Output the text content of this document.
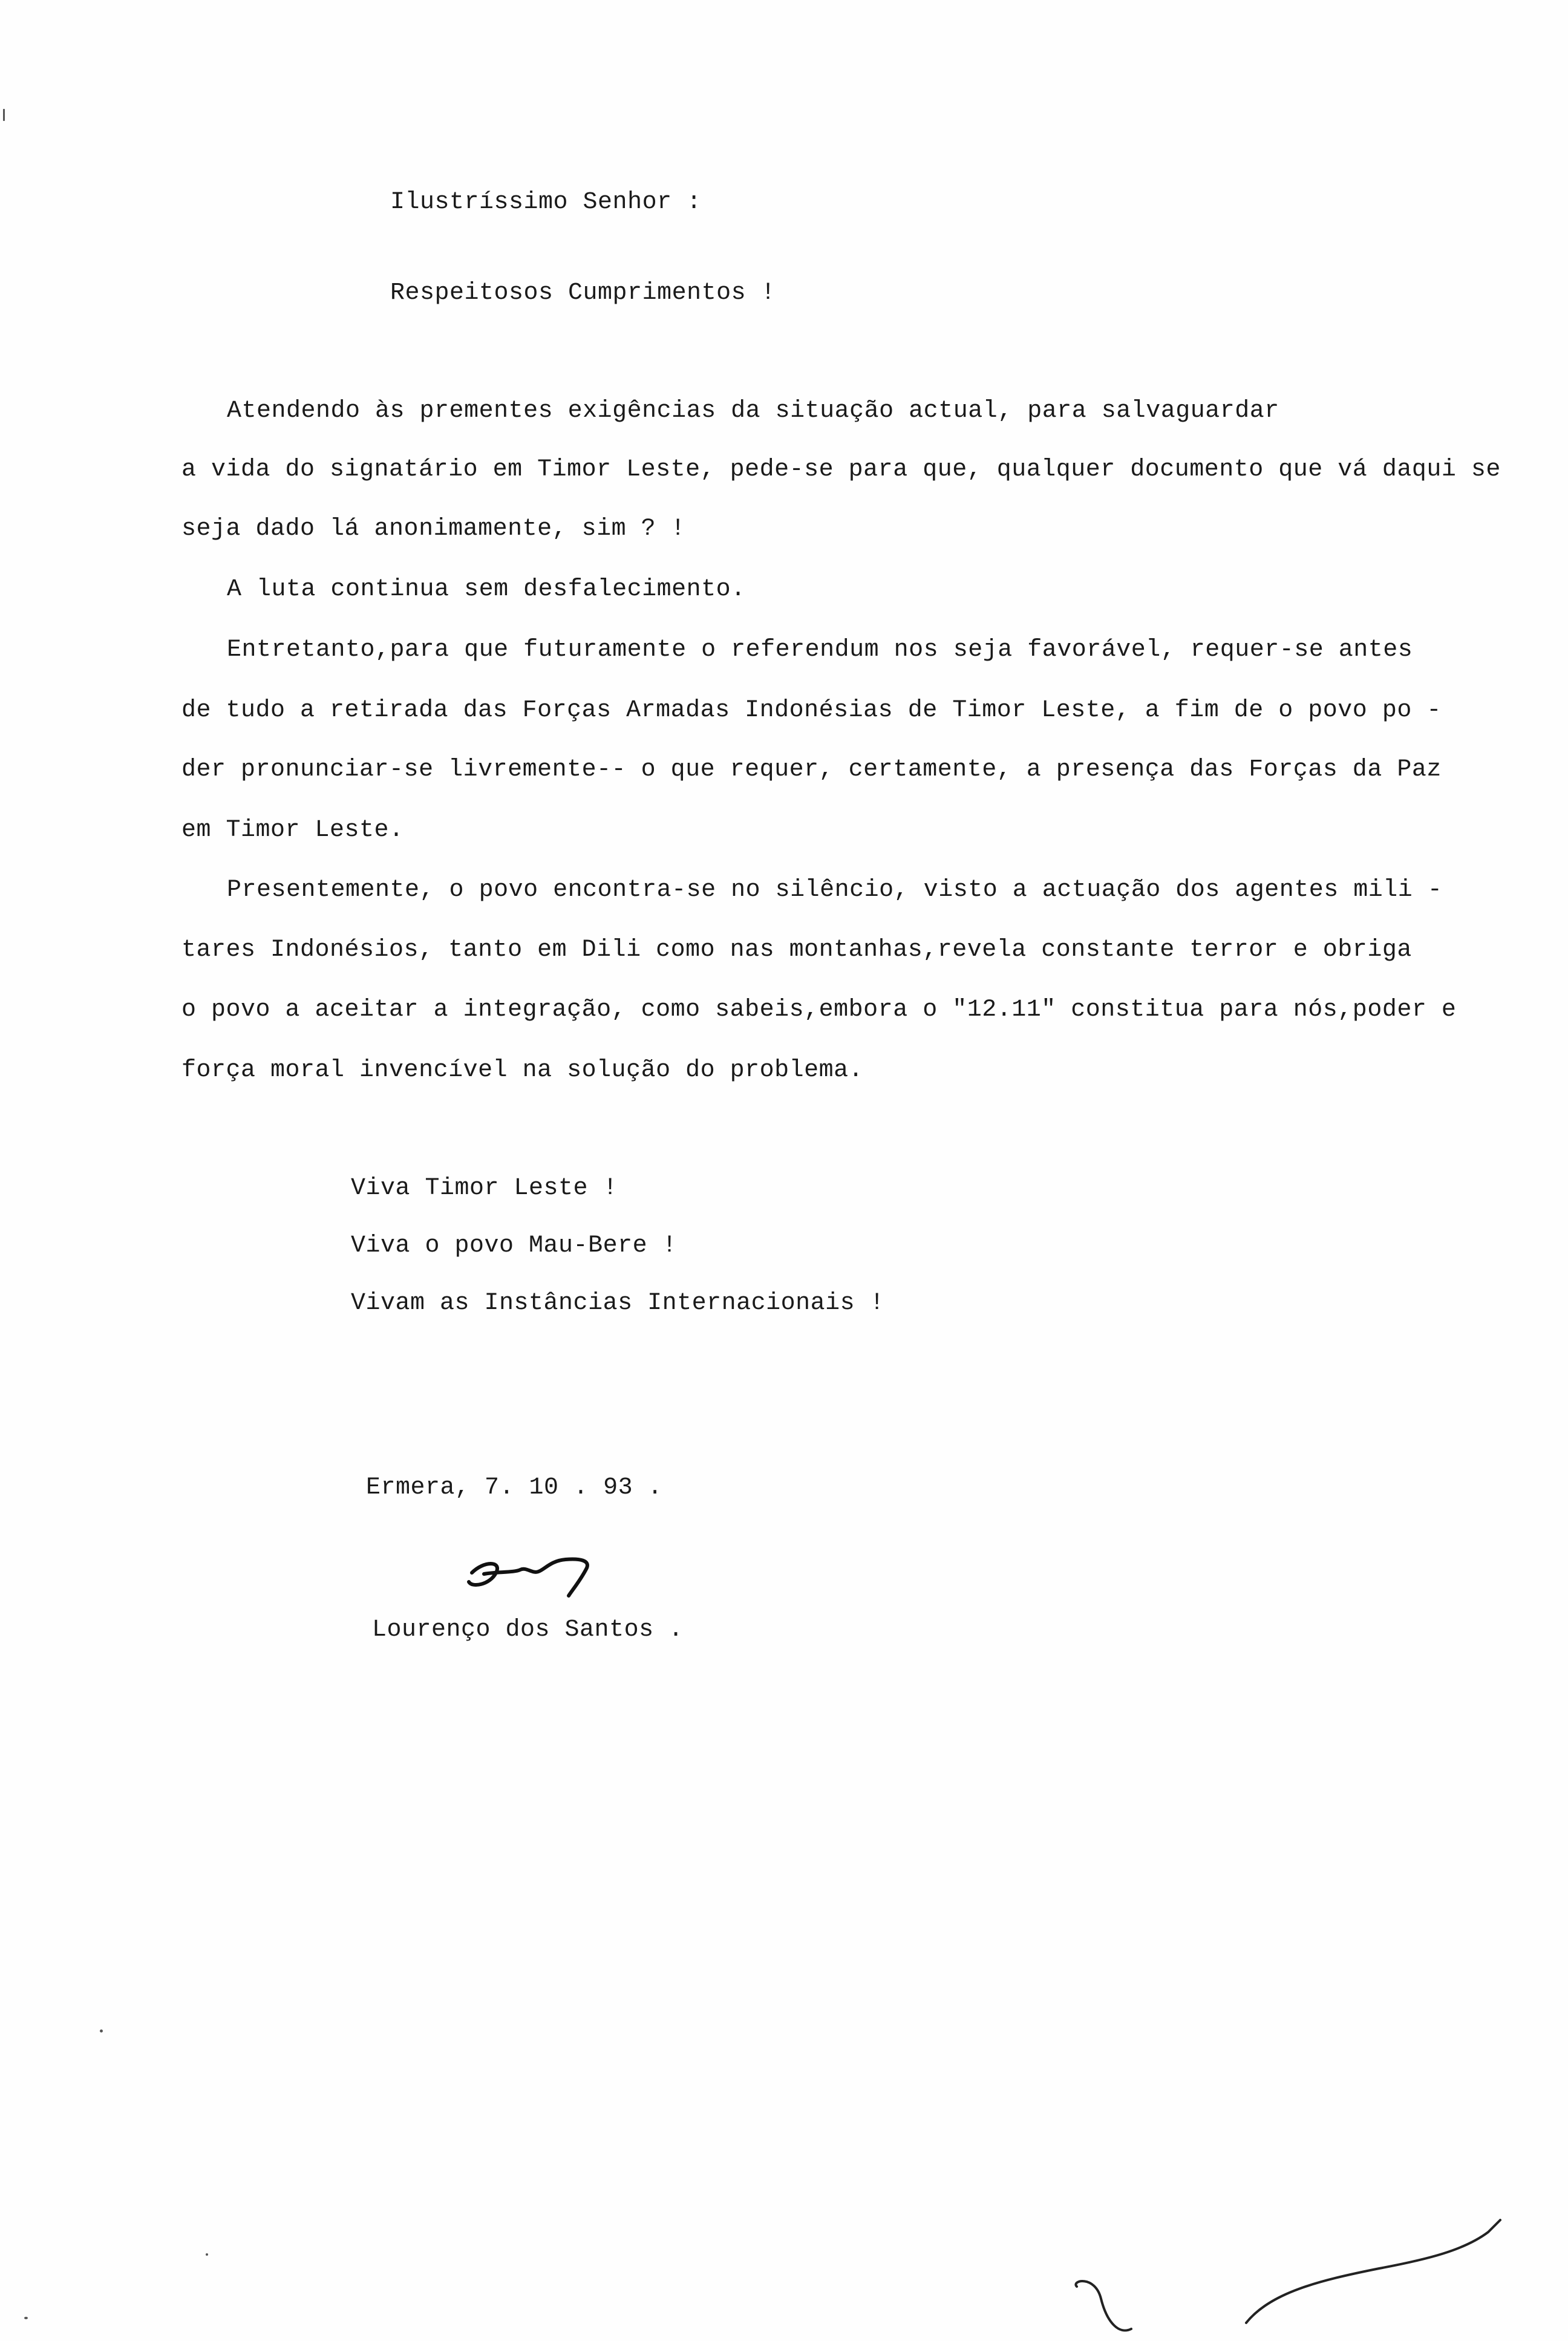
Ilustríssimo Senhor :
Respeitosos Cumprimentos !
Atendendo às prementes exigências da situação actual, para salvaguardar
a vida do signatário em Timor Leste, pede-se para que, qualquer documento que vá daqui se
seja dado lá anonimamente, sim ? !
A luta continua sem desfalecimento.
Entretanto,para que futuramente o referendum nos seja favorável, requer-se antes
de tudo a retirada das Forças Armadas Indonésias de Timor Leste, a fim de o povo po -
der pronunciar-se livremente-- o que requer, certamente, a presença das Forças da Paz
em Timor Leste.
Presentemente, o povo encontra-se no silêncio, visto a actuação dos agentes mili -
tares Indonésios, tanto em Dili como nas montanhas,revela constante terror e obriga
o povo a aceitar a integração, como sabeis,embora o "12.11" constitua para nós,poder e
força moral invencível na solução do problema.
Viva Timor Leste !
Viva o povo Mau-Bere !
Vivam as Instâncias Internacionais !
Ermera, 7. 10 . 93 .
Lourenço dos Santos .
